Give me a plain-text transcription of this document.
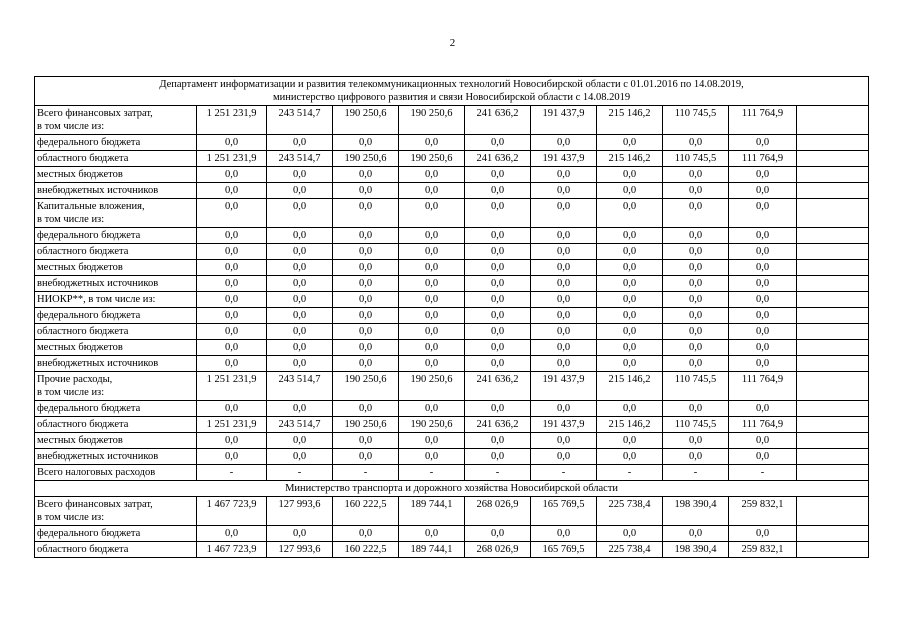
2
Департамент информатизации и развития телекоммуникационных технологий Новосибирской области с 01.01.2016 по 14.08.2019,
министерство цифрового развития и связи Новосибирской области с 14.08.2019										

Всего финансовых затрат,
в том числе из:	1 251 231,9	243 514,7	190 250,6	190 250,6	241 636,2	191 437,9	215 146,2	110 745,5	111 764,9	

федерального бюджета	0,0	0,0	0,0	0,0	0,0	0,0	0,0	0,0	0,0	

областного бюджета	1 251 231,9	243 514,7	190 250,6	190 250,6	241 636,2	191 437,9	215 146,2	110 745,5	111 764,9	

местных бюджетов	0,0	0,0	0,0	0,0	0,0	0,0	0,0	0,0	0,0	

внебюджетных источников	0,0	0,0	0,0	0,0	0,0	0,0	0,0	0,0	0,0	

Капитальные вложения,
в том числе из:	0,0	0,0	0,0	0,0	0,0	0,0	0,0	0,0	0,0	

федерального бюджета	0,0	0,0	0,0	0,0	0,0	0,0	0,0	0,0	0,0	

областного бюджета	0,0	0,0	0,0	0,0	0,0	0,0	0,0	0,0	0,0	

местных бюджетов	0,0	0,0	0,0	0,0	0,0	0,0	0,0	0,0	0,0	

внебюджетных источников	0,0	0,0	0,0	0,0	0,0	0,0	0,0	0,0	0,0	

НИОКР**, в том числе из:	0,0	0,0	0,0	0,0	0,0	0,0	0,0	0,0	0,0	

федерального бюджета	0,0	0,0	0,0	0,0	0,0	0,0	0,0	0,0	0,0	

областного бюджета	0,0	0,0	0,0	0,0	0,0	0,0	0,0	0,0	0,0	

местных бюджетов	0,0	0,0	0,0	0,0	0,0	0,0	0,0	0,0	0,0	

внебюджетных источников	0,0	0,0	0,0	0,0	0,0	0,0	0,0	0,0	0,0	

Прочие расходы,
в том числе из:	1 251 231,9	243 514,7	190 250,6	190 250,6	241 636,2	191 437,9	215 146,2	110 745,5	111 764,9	

федерального бюджета	0,0	0,0	0,0	0,0	0,0	0,0	0,0	0,0	0,0	

областного бюджета	1 251 231,9	243 514,7	190 250,6	190 250,6	241 636,2	191 437,9	215 146,2	110 745,5	111 764,9	

местных бюджетов	0,0	0,0	0,0	0,0	0,0	0,0	0,0	0,0	0,0	

внебюджетных источников	0,0	0,0	0,0	0,0	0,0	0,0	0,0	0,0	0,0	

Всего налоговых расходов	-	-	-	-	-	-	-	-	-	

Министерство транспорта и дорожного хозяйства Новосибирской области										

Всего финансовых затрат,
в том числе из:	1 467 723,9	127 993,6	160 222,5	189 744,1	268 026,9	165 769,5	225 738,4	198 390,4	259 832,1	

федерального бюджета	0,0	0,0	0,0	0,0	0,0	0,0	0,0	0,0	0,0	

областного бюджета	1 467 723,9	127 993,6	160 222,5	189 744,1	268 026,9	165 769,5	225 738,4	198 390,4	259 832,1	
